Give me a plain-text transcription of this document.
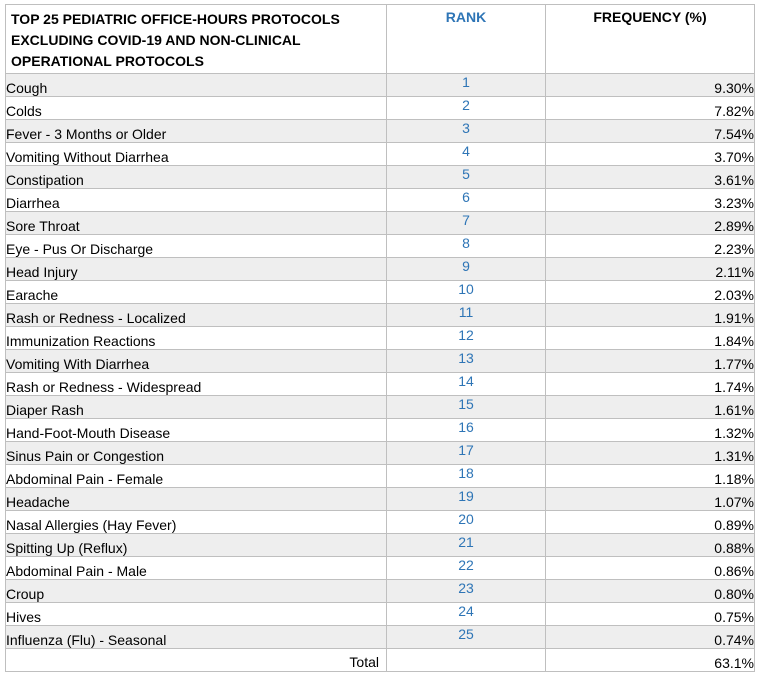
TOP 25 PEDIATRIC OFFICE-HOURS PROTOCOLS EXCLUDING COVID-19 AND NON-CLINICAL OPERATIONAL PROTOCOLS	RANK	FREQUENCY (%)
Cough	1	9.30%
Colds	2	7.82%
Fever - 3 Months or Older	3	7.54%
Vomiting Without Diarrhea	4	3.70%
Constipation	5	3.61%
Diarrhea	6	3.23%
Sore Throat	7	2.89%
Eye - Pus Or Discharge	8	2.23%
Head Injury	9	2.11%
Earache	10	2.03%
Rash or Redness - Localized	11	1.91%
Immunization Reactions	12	1.84%
Vomiting With Diarrhea	13	1.77%
Rash or Redness - Widespread	14	1.74%
Diaper Rash	15	1.61%
Hand-Foot-Mouth Disease	16	1.32%
Sinus Pain or Congestion	17	1.31%
Abdominal Pain - Female	18	1.18%
Headache	19	1.07%
Nasal Allergies (Hay Fever)	20	0.89%
Spitting Up (Reflux)	21	0.88%
Abdominal Pain - Male	22	0.86%
Croup	23	0.80%
Hives	24	0.75%
Influenza (Flu) - Seasonal	25	0.74%
Total		63.1%
